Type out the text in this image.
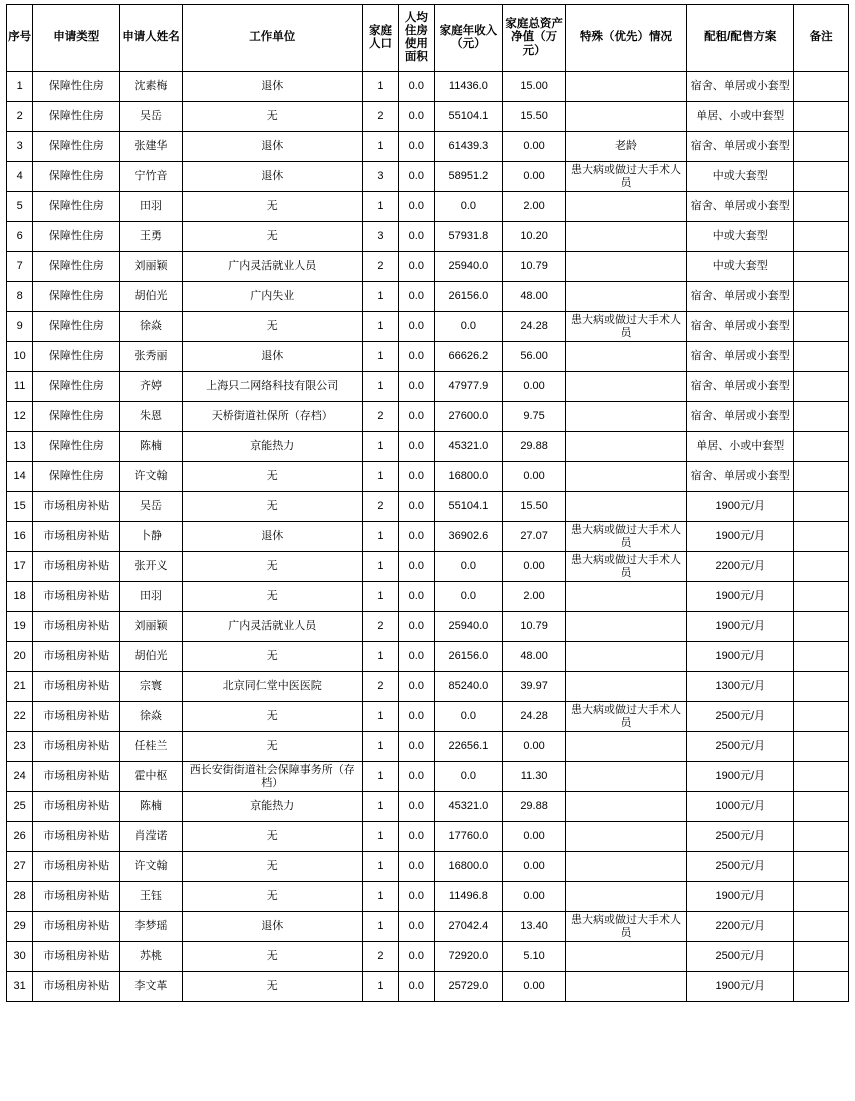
序号	申请类型	申请人姓名	工作单位	家庭人口	人均住房使用面积	家庭年收入（元）	家庭总资产净值（万元）	特殊（优先）情况	配租/配售方案	备注
1	保障性住房	沈素梅	退休	1	0.0	11436.0	15.00		宿舍、单居或小套型	
2	保障性住房	吴岳	无	2	0.0	55104.1	15.50		单居、小或中套型	
3	保障性住房	张建华	退休	1	0.0	61439.3	0.00	老龄	宿舍、单居或小套型	
4	保障性住房	宁竹音	退休	3	0.0	58951.2	0.00	患大病或做过大手术人员	中或大套型	
5	保障性住房	田羽	无	1	0.0	0.0	2.00		宿舍、单居或小套型	
6	保障性住房	王勇	无	3	0.0	57931.8	10.20		中或大套型	
7	保障性住房	刘丽颖	广内灵活就业人员	2	0.0	25940.0	10.79		中或大套型	
8	保障性住房	胡伯光	广内失业	1	0.0	26156.0	48.00		宿舍、单居或小套型	
9	保障性住房	徐焱	无	1	0.0	0.0	24.28	患大病或做过大手术人员	宿舍、单居或小套型	
10	保障性住房	张秀丽	退休	1	0.0	66626.2	56.00		宿舍、单居或小套型	
11	保障性住房	齐婷	上海只二网络科技有限公司	1	0.0	47977.9	0.00		宿舍、单居或小套型	
12	保障性住房	朱恩	天桥街道社保所（存档）	2	0.0	27600.0	9.75		宿舍、单居或小套型	
13	保障性住房	陈楠	京能热力	1	0.0	45321.0	29.88		单居、小或中套型	
14	保障性住房	许文翰	无	1	0.0	16800.0	0.00		宿舍、单居或小套型	
15	市场租房补贴	吴岳	无	2	0.0	55104.1	15.50		1900元/月	
16	市场租房补贴	卜静	退休	1	0.0	36902.6	27.07	患大病或做过大手术人员	1900元/月	
17	市场租房补贴	张开义	无	1	0.0	0.0	0.00	患大病或做过大手术人员	2200元/月	
18	市场租房补贴	田羽	无	1	0.0	0.0	2.00		1900元/月	
19	市场租房补贴	刘丽颖	广内灵活就业人员	2	0.0	25940.0	10.79		1900元/月	
20	市场租房补贴	胡伯光	无	1	0.0	26156.0	48.00		1900元/月	
21	市场租房补贴	宗寰	北京同仁堂中医医院	2	0.0	85240.0	39.97		1300元/月	
22	市场租房补贴	徐焱	无	1	0.0	0.0	24.28	患大病或做过大手术人员	2500元/月	
23	市场租房补贴	任桂兰	无	1	0.0	22656.1	0.00		2500元/月	
24	市场租房补贴	霍中枢	西长安街街道社会保障事务所（存档）	1	0.0	0.0	11.30		1900元/月	
25	市场租房补贴	陈楠	京能热力	1	0.0	45321.0	29.88		1000元/月	
26	市场租房补贴	肖滢诺	无	1	0.0	17760.0	0.00		2500元/月	
27	市场租房补贴	许文翰	无	1	0.0	16800.0	0.00		2500元/月	
28	市场租房补贴	王钰	无	1	0.0	11496.8	0.00		1900元/月	
29	市场租房补贴	李梦瑶	退休	1	0.0	27042.4	13.40	患大病或做过大手术人员	2200元/月	
30	市场租房补贴	苏桃	无	2	0.0	72920.0	5.10		2500元/月	
31	市场租房补贴	李文革	无	1	0.0	25729.0	0.00		1900元/月	
